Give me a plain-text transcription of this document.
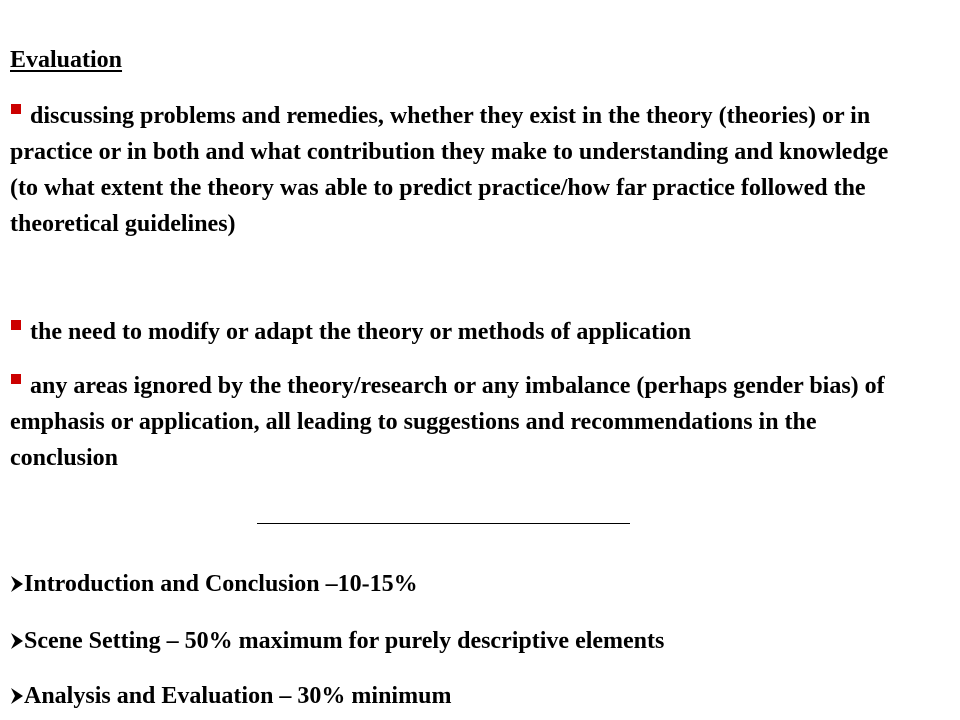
Evaluation

discussing problems and remedies, whether they exist in the theory (theories) or in practice or in both and what contribution they make to understanding and knowledge (to what extent the theory was able to predict practice/how far practice followed the theoretical guidelines)

the need to modify or adapt the theory or methods of application

any areas ignored by the theory/research or any imbalance (perhaps gender bias) of emphasis or application, all leading to suggestions and recommendations in the conclusion

Introduction and Conclusion –10-15%

Scene Setting – 50% maximum for purely descriptive elements

Analysis and Evaluation – 30% minimum
